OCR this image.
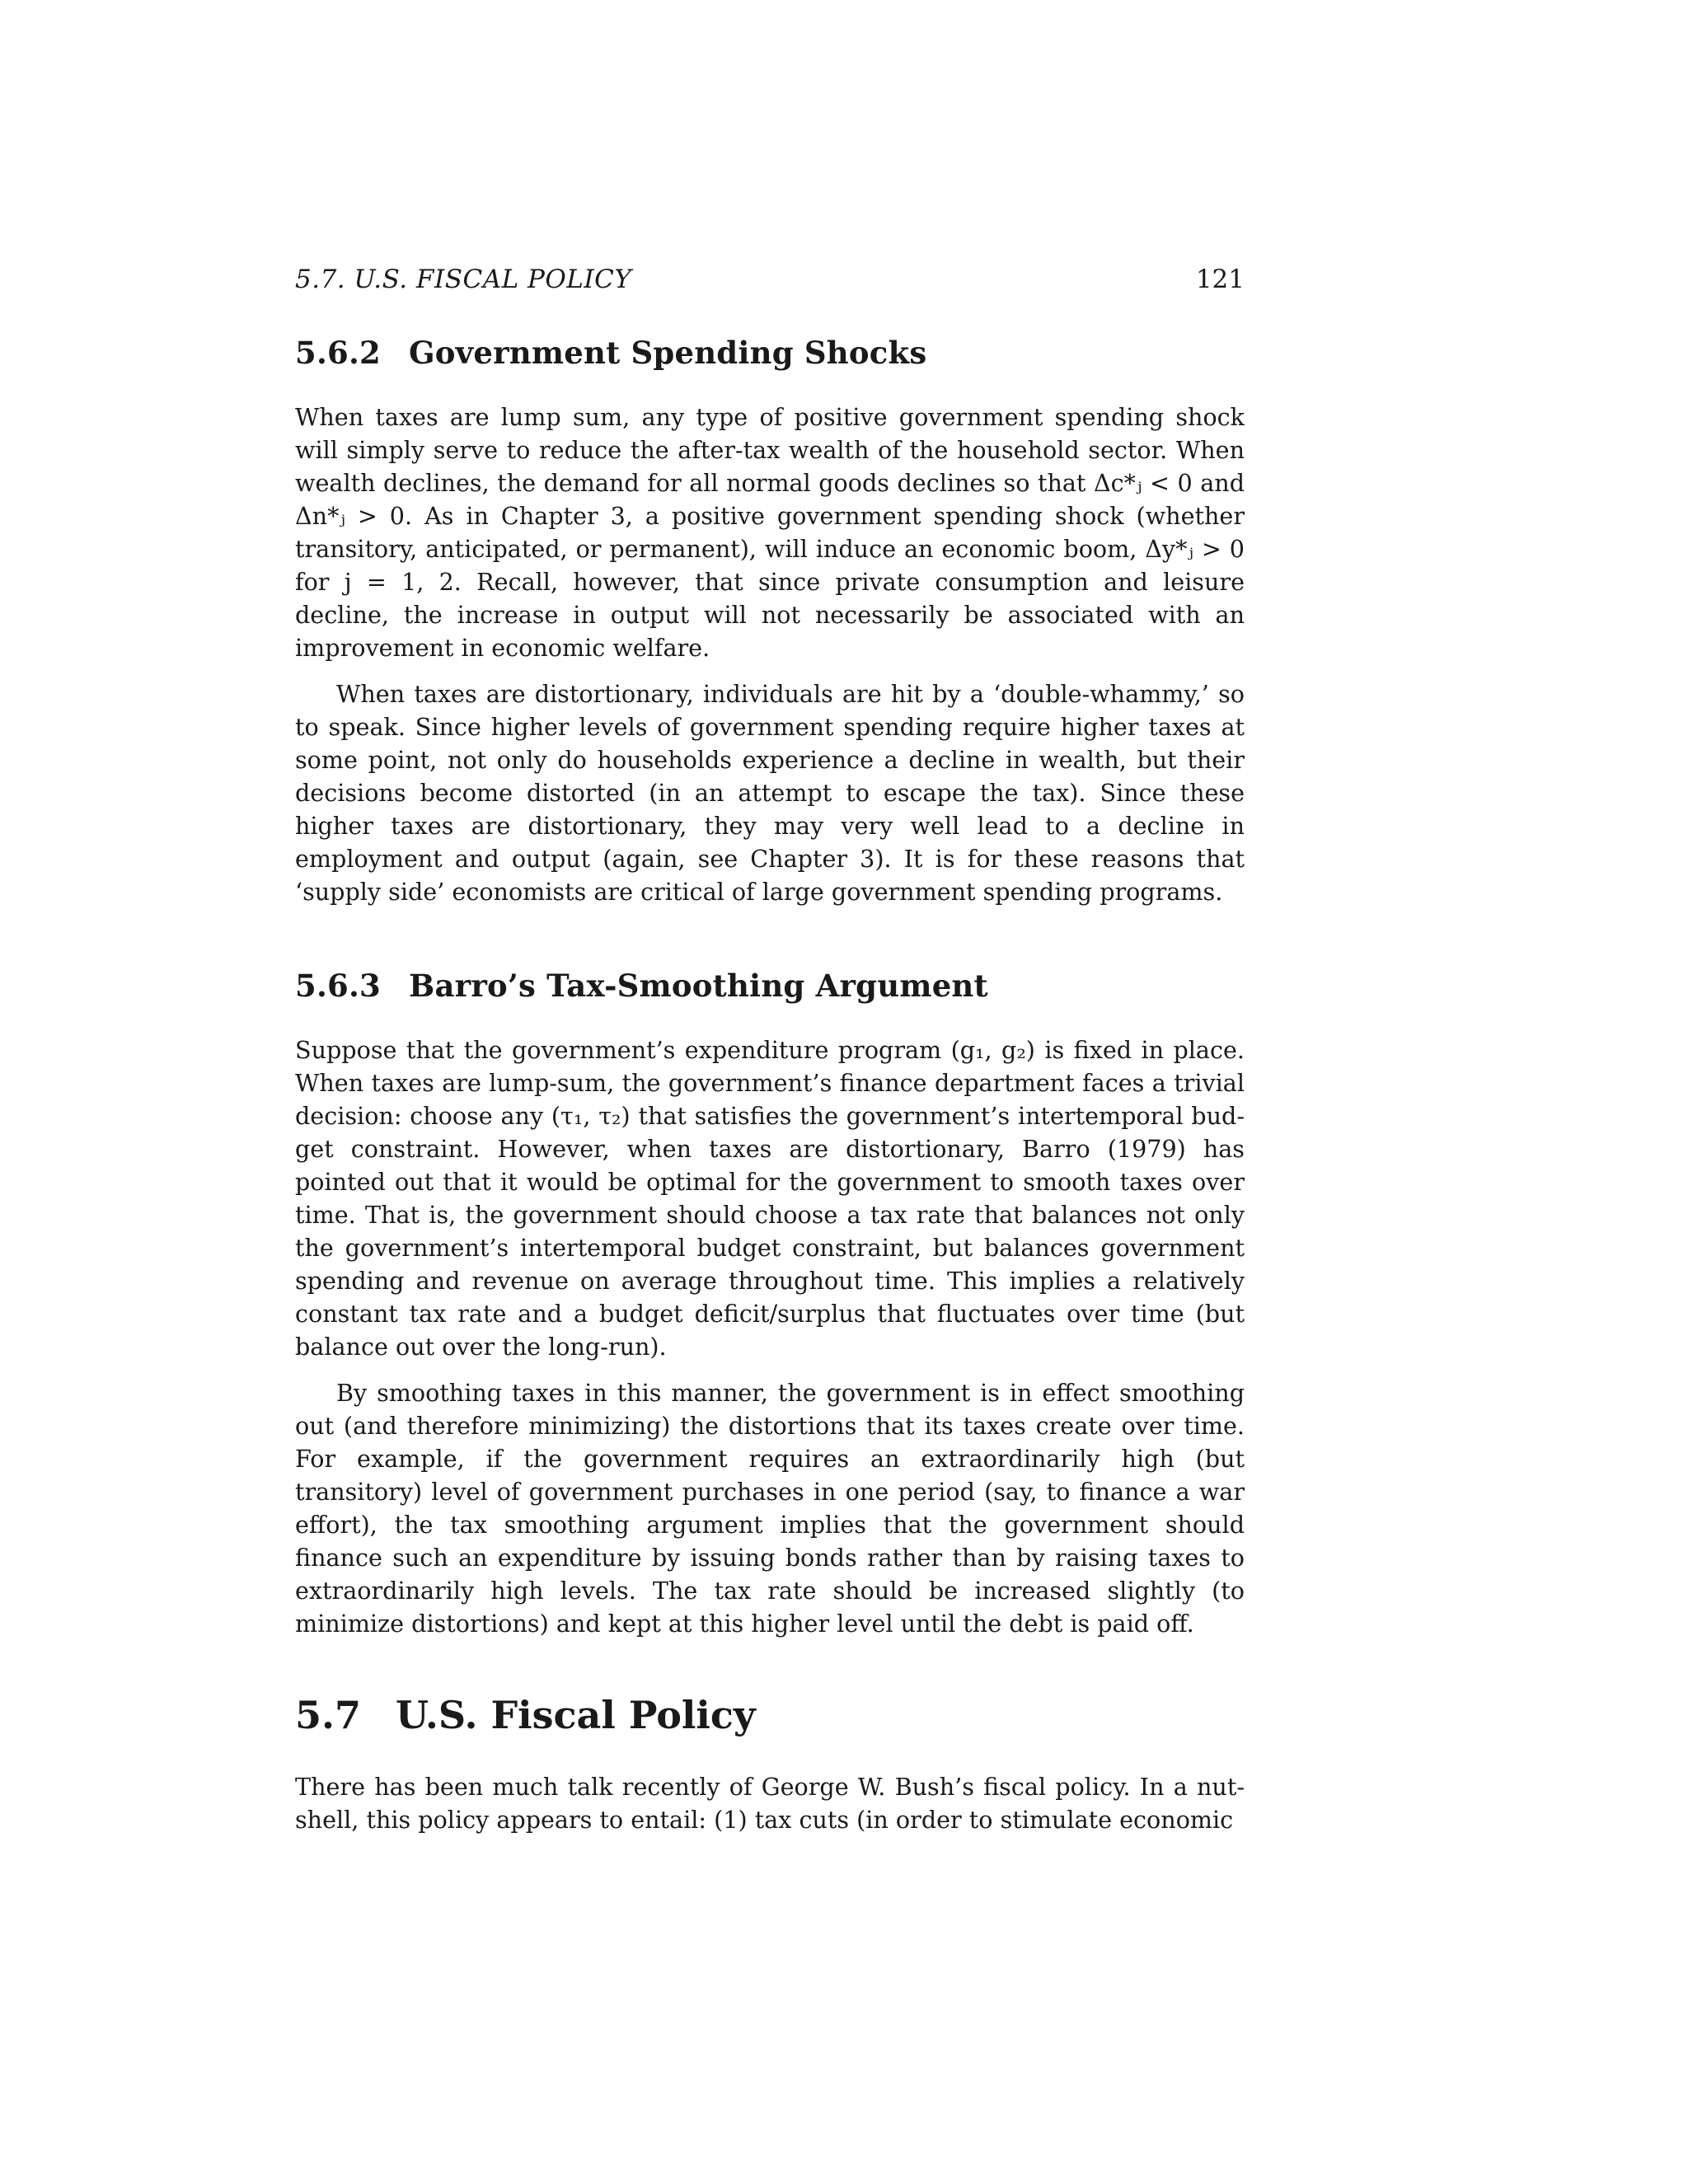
5.7. U.S. FISCAL POLICY	121
5.6.2 Government Spending Shocks

When taxes are lump sum, any type of positive government spending shock will simply serve to reduce the after-tax wealth of the household sector. When wealth declines, the demand for all normal goods declines so that Δc*ⱼ < 0 and Δn*ⱼ > 0. As in Chapter 3, a positive government spending shock (whether transitory, anticipated, or permanent), will induce an economic boom, Δy*ⱼ > 0 for j = 1, 2. Recall, however, that since private consumption and leisure decline, the increase in output will not necessarily be associated with an improvement in economic welfare.

When taxes are distortionary, individuals are hit by a ‘double-whammy,’ so to speak. Since higher levels of government spending require higher taxes at some point, not only do households experience a decline in wealth, but their decisions become distorted (in an attempt to escape the tax). Since these higher taxes are distortionary, they may very well lead to a decline in employment and output (again, see Chapter 3). It is for these reasons that ‘supply side’ economists are critical of large government spending programs.

5.6.3 Barro’s Tax-Smoothing Argument

Suppose that the government’s expenditure program (g₁, g₂) is fixed in place. When taxes are lump-sum, the government’s finance department faces a trivial decision: choose any (τ₁, τ₂) that satisfies the government’s intertemporal budget constraint. However, when taxes are distortionary, Barro (1979) has pointed out that it would be optimal for the government to smooth taxes over time. That is, the government should choose a tax rate that balances not only the government’s intertemporal budget constraint, but balances government spending and revenue on average throughout time. This implies a relatively constant tax rate and a budget deficit/surplus that fluctuates over time (but balance out over the long-run).

By smoothing taxes in this manner, the government is in effect smoothing out (and therefore minimizing) the distortions that its taxes create over time. For example, if the government requires an extraordinarily high (but transitory) level of government purchases in one period (say, to finance a war effort), the tax smoothing argument implies that the government should finance such an expenditure by issuing bonds rather than by raising taxes to extraordinarily high levels. The tax rate should be increased slightly (to minimize distortions) and kept at this higher level until the debt is paid off.

5.7 U.S. Fiscal Policy

There has been much talk recently of George W. Bush’s fiscal policy. In a nutshell, this policy appears to entail: (1) tax cuts (in order to stimulate economic
